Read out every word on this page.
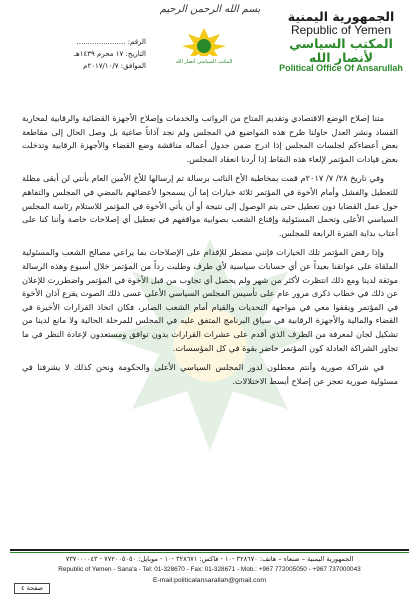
بسم الله الرحمن الرحيم	الجمهورية اليمنية
Republic of Yemen
المكتب السياسي لأنصار الله
Political Office Of Ansarullah
المكتب السياسي أنصار الله
الرقم: ......................
التاريخ: ١٧ محرم ١٤٣٩هـ
الموافق: ٢٠١٧/١٠/٧م

متنا إصلاح الوضع الاقتصادي وتقديم المتاح من الرواتب والخدمات وإصلاح الأجهزة القضائية والرقابية لمحاربة الفساد ونشر العدل حاولنا طرح هذه المواضيع في المجلس ولم نجد آذاناً صاغية بل وصل الحال إلى مقاطعة بعض أعضاءكم لجلسات المجلس إذا ادرج ضمن جدول أعماله مناقشة وضع القضاء والأجهزة الرقابية وتدخلت بعض قيادات المؤتمر لإلغاء هذه النقاط إذا أردنا انعقاد المجلس.

وفي تاريخ ٢٨/ ٧/ ٢٠١٧م قمت بمخاطبة الأخ النائب برسالة تم إرسالها للأخ الأمين العام بأنني لن أبقى مظلة للتعطيل والفشل وأمام الأخوة في المؤتمر ثلاثة خيارات إما أن يسمحوا لأعضائهم بالمضي في المجلس والتفاهم حول عمل القضايا دون تعطيل حتى يتم الوصول إلى نتيجة أو أن يأتي الأخوة في المؤتمر للاستلام رئاسة المجلس السياسي الأعلى وتحمل المسئولية وإقناع الشعب بصوابية مواقفهم في تعطيل أي إصلاحات خاصة وأننا كنا على أعتاب بداية الفترة الرابعة للمجلس.

وإذا رفض المؤتمر تلك الخيارات فإنني مضطر للإقدام على الإصلاحات بما يراعي مصالح الشعب والمسئولية الملقاة على عواتقنا بعيداً عن أي حسابات سياسية لأي طرف وطلبت رداً من المؤتمر خلال أسبوع وهذه الرسالة موثقة لدينا ومع ذلك انتظرت لأكثر من شهر ولم يحصل أي تجاوب من قبل الأخوة في المؤتمر واضطررت للإعلان عن ذلك في خطاب ذكرى مرور عام على تأسيس المجلس السياسي الأعلى عسى ذلك الصوت يقرع آذان الأخوة في المؤتمر ويقفوا معي في مواجهة التحديات والقيام أمام الشعب الصابر، فكان اتخاذ القرارات الأخيرة في القضاء والمالية والأجهزة الرقابية في سياق البرنامج المتفق عليه في المجلس للمرحلة الحالية ولا مانع لدينا من تشكيل لجان لمعرفة من الطرف الذي أقدم على عشرات القرارات بدون توافق ومستعدون لإعادة النظر في ما تجاوز الشراكة العادلة كون المؤتمر حاضر بقوة في كل المؤسسات.

في شراكة صورية وأنتم معطلون لدور المجلس السياسي الأعلى والحكومة ونحن كذلك لا يشرفنا في مسئولية صورية تعجز عن إصلاح أبسط الاختلالات.

الجمهورية اليمنية – صنعاء – هاتف: ٣٢٨٦٧٠ -١٠ - فاكس: ٣٢٨٦٧١ -١٠ - موبايل: ٧٧٢٠٠٥٠٥٠ - ٧٣٧٠٠٠٠٤٣
Republic of Yemen - Sana'a - Tel: 01-328670 - Fax: 01-328671 - Mob.: +967 772005050 - +967 737000043
E-mail:politicalansarallah@gmail.com
صفحة ٤
